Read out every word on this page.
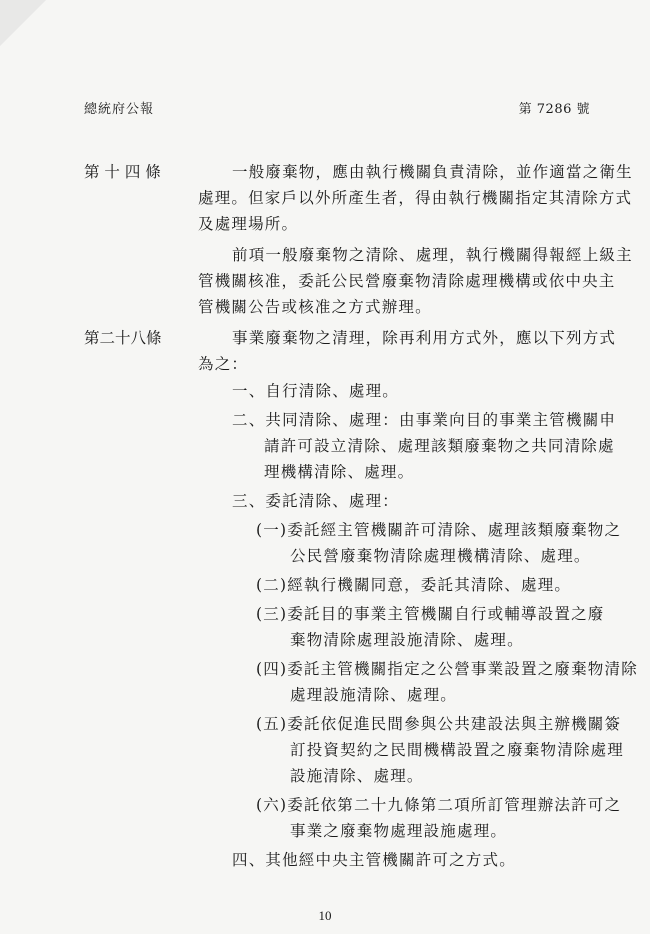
總統府公報	第 7286 號
第 十 四 條	一般廢棄物，應由執行機關負責清除，並作適當之衛生
處理。但家戶以外所產生者，得由執行機關指定其清除方式
及處理場所。
前項一般廢棄物之清除、處理，執行機關得報經上級主
管機關核准，委託公民營廢棄物清除處理機構或依中央主
管機關公告或核准之方式辦理。
第二十八條	事業廢棄物之清理，除再利用方式外，應以下列方式
為之：
一、自行清除、處理。
二、共同清除、處理：由事業向目的事業主管機關申
請許可設立清除、處理該類廢棄物之共同清除處
理機構清除、處理。
三、委託清除、處理：
(一)委託經主管機關許可清除、處理該類廢棄物之
公民營廢棄物清除處理機構清除、處理。
(二)經執行機關同意，委託其清除、處理。
(三)委託目的事業主管機關自行或輔導設置之廢
棄物清除處理設施清除、處理。
(四)委託主管機關指定之公營事業設置之廢棄物清除
處理設施清除、處理。
(五)委託依促進民間參與公共建設法與主辦機關簽
訂投資契約之民間機構設置之廢棄物清除處理
設施清除、處理。
(六)委託依第二十九條第二項所訂管理辦法許可之
事業之廢棄物處理設施處理。
四、其他經中央主管機關許可之方式。
10
